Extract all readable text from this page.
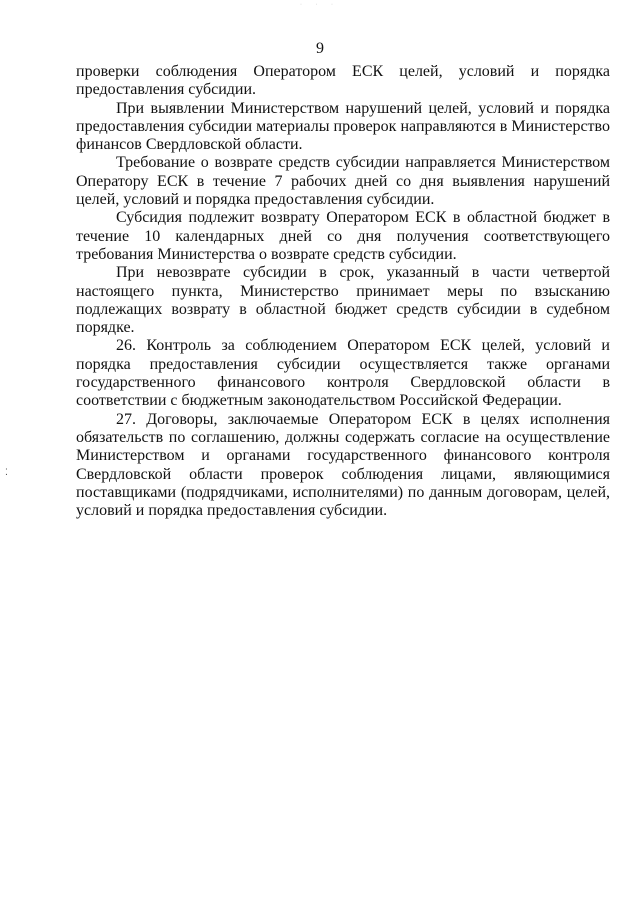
· · ·
9

проверки соблюдения Оператором ЕСК целей, условий и порядка предоставления субсидии.

При выявлении Министерством нарушений целей, условий и порядка предоставления субсидии материалы проверок направляются в Министерство финансов Свердловской области.

Требование о возврате средств субсидии направляется Министерством Оператору ЕСК в течение 7 рабочих дней со дня выявления нарушений целей, условий и порядка предоставления субсидии.

Субсидия подлежит возврату Оператором ЕСК в областной бюджет в течение 10 календарных дней со дня получения соответствующего требования Министерства о возврате средств субсидии.

При невозврате субсидии в срок, указанный в части четвертой настоящего пункта, Министерство принимает меры по взысканию подлежащих возврату в областной бюджет средств субсидии в судебном порядке.

26. Контроль за соблюдением Оператором ЕСК целей, условий и порядка предоставления субсидии осуществляется также органами государственного финансового контроля Свердловской области в соответствии с бюджетным законодательством Российской Федерации.

27. Договоры, заключаемые Оператором ЕСК в целях исполнения обязательств по соглашению, должны содержать согласие на осуществление Министерством и органами государственного финансового контроля Свердловской области проверок соблюдения лицами, являющимися поставщиками (подрядчиками, исполнителями) по данным договорам, целей, условий и порядка предоставления субсидии.

⁚
